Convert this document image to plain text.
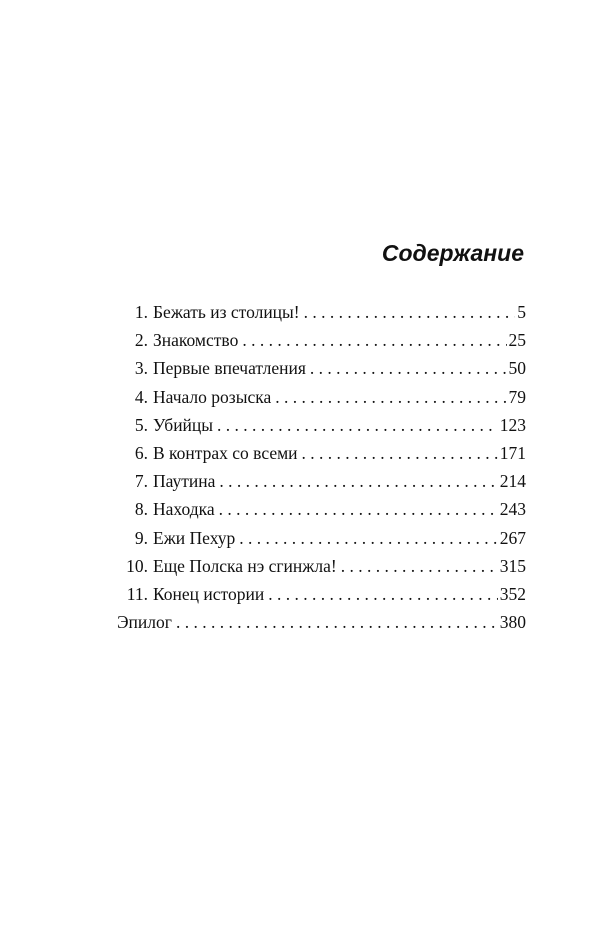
Содержание
1. Бежать из столицы! . . .	5
2. Знакомство . . .	25
3. Первые впечатления . . .	50
4. Начало розыска . . .	79
5. Убийцы . . .	123
6. В контрах со всеми . . .	171
7. Паутина . . .	214
8. Находка . . .	243
9. Ежи Пехур . . .	267
10. Еще Полска нэ сгинжла! . . .	315
11. Конец истории . . .	352
Эпилог . . .	380
